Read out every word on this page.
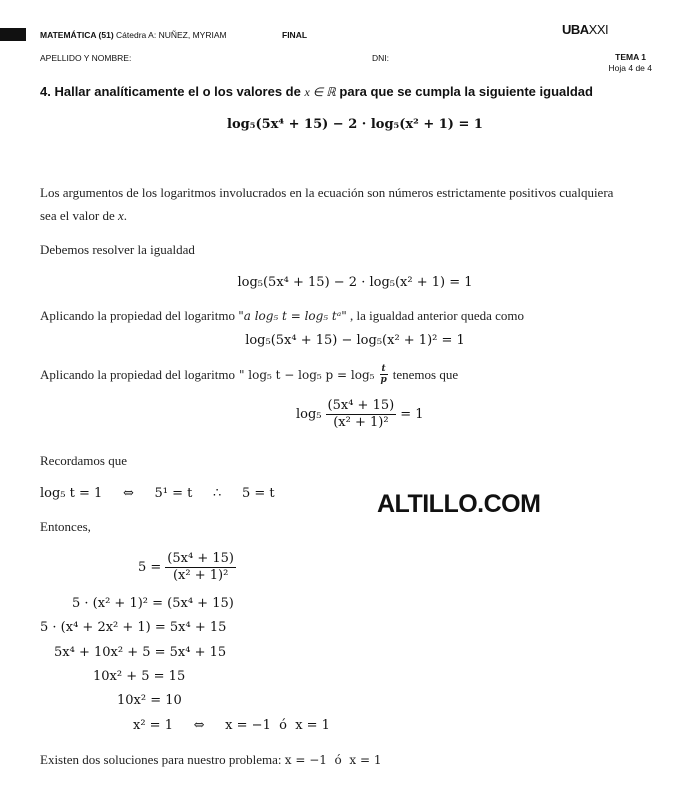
MATEMÁTICA (51) Cátedra A: NUÑEZ, MYRIAM	FINAL	UBAXXI
APELLIDO Y NOMBRE:	DNI:	TEMA 1
Hoja 4 de 4
4. Hallar analíticamente el o los valores de x ∈ ℝ para que se cumpla la siguiente igualdad
log₅(5x⁴ + 15) − 2 · log₅(x² + 1) = 1
Los argumentos de los logaritmos involucrados en la ecuación son números estrictamente positivos cualquiera
sea el valor de x.
Debemos resolver la igualdad
log₅(5x⁴ + 15) − 2 · log₅(x² + 1) = 1
Aplicando la propiedad del logaritmo "a log₅ t = log₅ tᵃ" , la igualdad anterior queda como
log₅(5x⁴ + 15) − log₅(x² + 1)² = 1
Aplicando la propiedad del logaritmo " log₅ t − log₅ $p = \log_5 \frac{t}{p}$ tenemos que
$\log_5 \frac{\text{(5x⁴ + 15)}}{\text{(x² + 1)²}} = 1$
Recordamos que
log₅ t = 1     ⇔     5¹ = t     ∴     5 = t	ALTILLO.COM
Entonces,
$5 = \frac{\text{(5x⁴ + 15)}}{\text{(x² + 1)²}}$
5 · (x² + 1)² = (5x⁴ + 15)
5 · (x⁴ + 2x² + 1) = 5x⁴ + 15
5x⁴ + 10x² + 5 = 5x⁴ + 15
10x² + 5 = 15
10x² = 10
x² = 1     ⇔     x = −1  ó  x = 1
Existen dos soluciones para nuestro problema: x = −1  ó  x = 1
